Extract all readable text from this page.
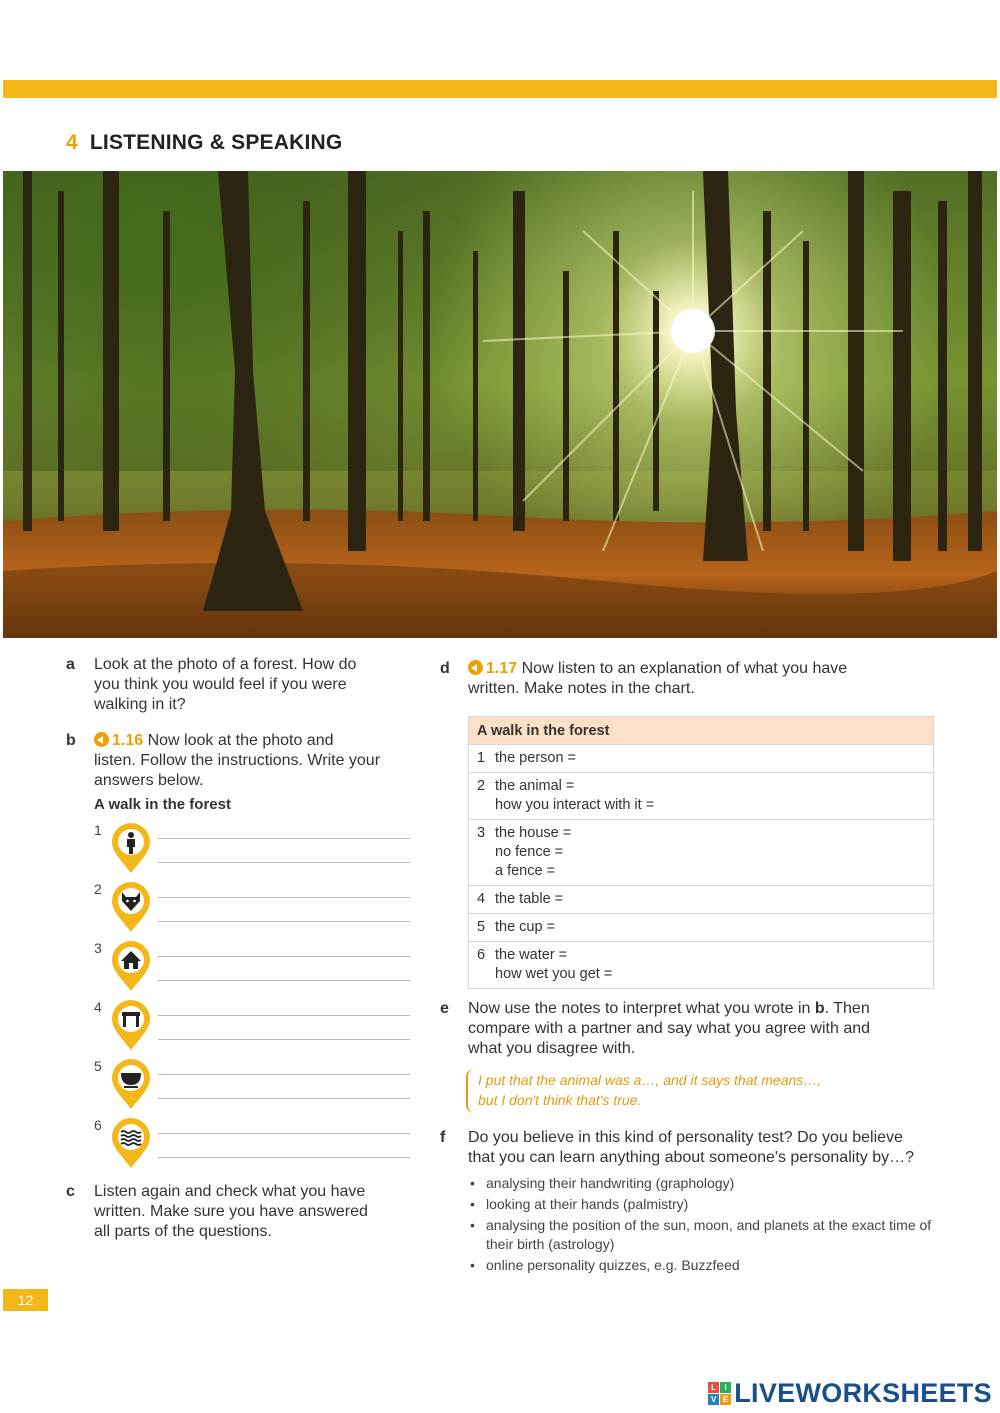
4 LISTENING & SPEAKING
a Look at the photo of a forest. How do
you think you would feel if you were
walking in it?
b	1.16 Now look at the photo and
listen. Follow the instructions. Write your
answers below.
A walk in the forest
1
2
3
4
5
6
c Listen again and check what you have
written. Make sure you have answered
all parts of the questions.
d	1.17 Now listen to an explanation of what you have
written. Make notes in the chart.
A walk in the forest
1 the person =
2 the animal =
how you interact with it =

3 the house =
no fence =
a fence =

4 the table =
5 the cup =
6 the water =
how wet you get =
e Now use the notes to interpret what you wrote in b. Then
compare with a partner and say what you agree with and
what you disagree with.
I put that the animal was a…, and it says that means…,
but I don't think that's true.
f Do you believe in this kind of personality test? Do you believe
that you can learn anything about someone's personality by…?
• analysing their handwriting (graphology)
• looking at their hands (palmistry)
• analysing the position of the sun, moon, and planets at the exact time of their birth (astrology)
• online personality quizzes, e.g. Buzzfeed
12
L	I
V E LIVEWORKSHEETS
